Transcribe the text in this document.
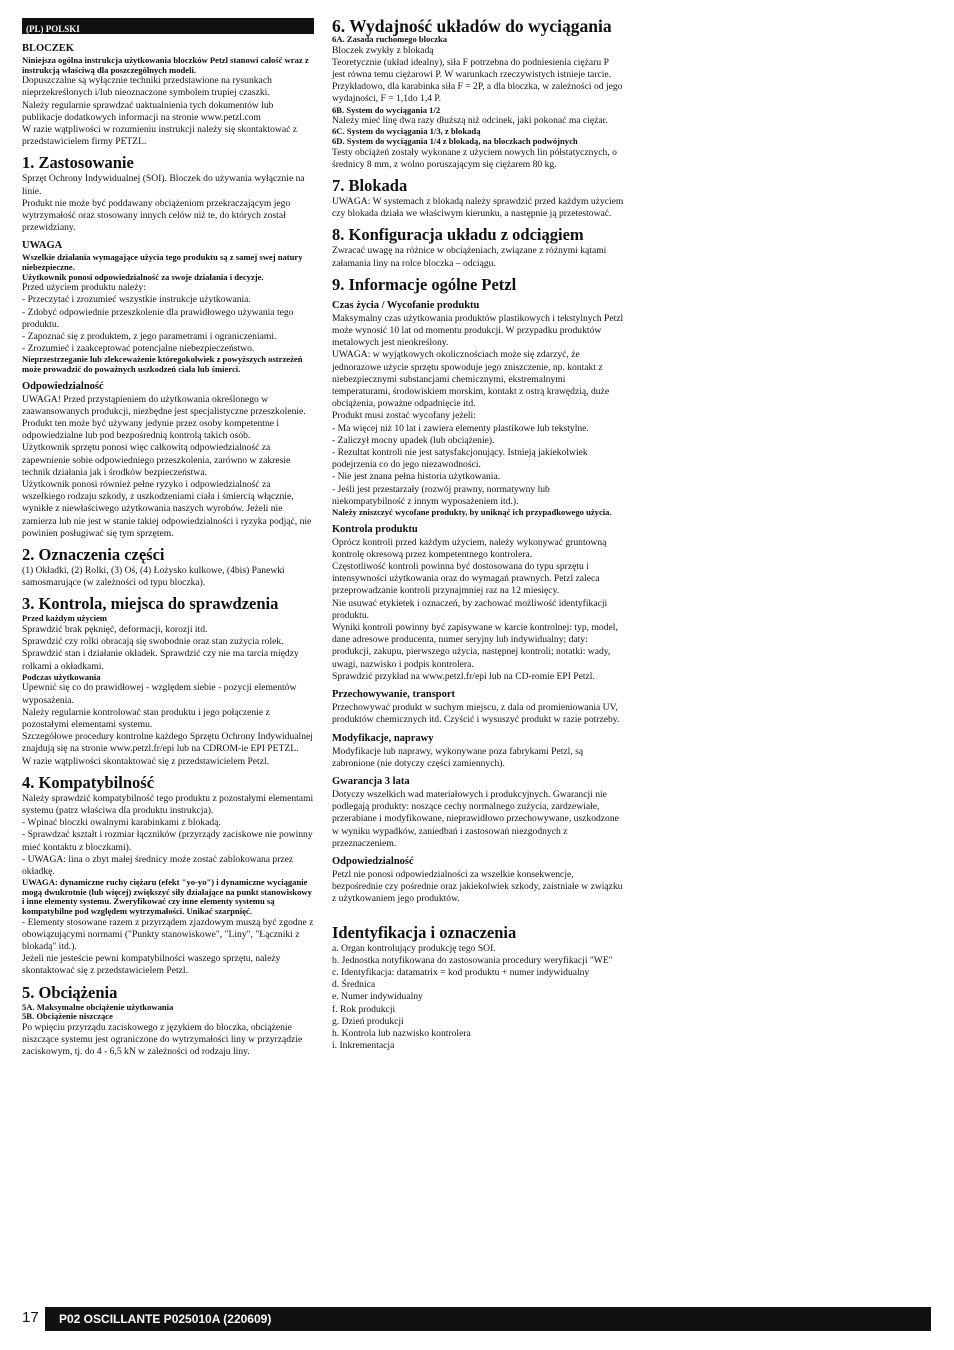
(PL) POLSKI
BLOCZEK
Niniejsza ogólna instrukcja użytkowania bloczków Petzl stanowi całość wraz z instrukcją właściwą dla poszczególnych modeli.
Dopuszczalne są wyłącznie techniki przedstawione na rysunkach nieprzekreślonych i/lub nieoznaczone symbolem trupiej czaszki.
Należy regularnie sprawdzać uaktualnienia tych dokumentów lub publikacje dodatkowych informacji na stronie www.petzl.com
W razie wątpliwości w rozumieniu instrukcji należy się skontaktować z przedstawicielem firmy PETZL.
1. Zastosowanie
Sprzęt Ochrony Indywidualnej (SOI). Bloczek do używania wyłącznie na linie.
Produkt nie może być poddawany obciążeniom przekraczającym jego wytrzymałość oraz stosowany innych celów niż te, do których został przewidziany.
UWAGA
Wszelkie działania wymagające użycia tego produktu są z samej swej natury niebezpieczne.
Użytkownik ponosi odpowiedzialność za swoje działania i decyzje.
Przed użyciem produktu należy:
- Przeczytać i zrozumieć wszystkie instrukcje użytkowania.
- Zdobyć odpowiednie przeszkolenie dla prawidłowego używania tego produktu.
- Zapoznać się z produktem, z jego parametrami i ograniczeniami.
- Zrozumieć i zaakceptować potencjalne niebezpieczeństwo.
Nieprzestrzeganie lub zlekceważenie któregokolwiek z powyższych ostrzeżeń może prowadzić do poważnych uszkodzeń ciała lub śmierci.
Odpowiedzialność
UWAGA! Przed przystąpieniem do użytkowania określonego w zaawansowanych produkcji, niezbędne jest specjalistyczne przeszkolenie.
Produkt ten może być używany jedynie przez osoby kompetentne i odpowiedzialne lub pod bezpośrednią kontrolą takich osób.
Użytkownik sprzętu ponosi więc całkowitą odpowiedzialność za zapewnienie sobie odpowiedniego przeszkolenia, zarówno w zakresie technik działania jak i środków bezpieczeństwa.
Użytkownik ponosi również pełne ryzyko i odpowiedzialność za wszelkiego rodzaju szkody, z uszkodzeniami ciała i śmiercią włącznie, wynikłe z niewłaściwego użytkowania naszych wyrobów. Jeżeli nie zamierza lub nie jest w stanie takiej odpowiedzialności i ryzyka podjąć, nie powinien posługiwać się tym sprzętem.
2. Oznaczenia części
(1) Okładki, (2) Rolki, (3) Oś, (4) Łożysko kulkowe, (4bis) Panewki samosmarujące (w zależności od typu bloczka).
3. Kontrola, miejsca do sprawdzenia
Przed każdym użyciem
Sprawdzić brak pęknięć, deformacji, korozji itd.
Sprawdzić czy rolki obracają się swobodnie oraz stan zużycia rolek.
Sprawdzić stan i działanie okładek. Sprawdzić czy nie ma tarcia między rolkami a okładkami.
Podczas użytkowania
Upewnić się co do prawidłowej - względem siebie - pozycji elementów wyposażenia.
Należy regularnie kontrolować stan produktu i jego połączenie z pozostałymi elementami systemu.
Szczegółowe procedury kontrolne każdego Sprzętu Ochrony Indywidualnej znajdują się na stronie www.petzl.fr/epi lub na CDROM-ie EPI PETZL.
W razie wątpliwości skontaktować się z przedstawicielem Petzl.
4. Kompatybilność
Należy sprawdzić kompatybilność tego produktu z pozostałymi elementami systemu (patrz właściwa dla produktu instrukcja).
- Wpinać bloczki owalnymi karabinkami z blokadą.
- Sprawdzać kształt i rozmiar łączników (przyrządy zaciskowe nie powinny mieć kontaktu z bloczkami).
- UWAGA: lina o zbyt małej średnicy może zostać zablokowana przez okładkę.
UWAGA: dynamiczne ruchy ciężaru (efekt "yo-yo") i dynamiczne wyciąganie mogą dwukrotnie (lub więcej) zwiększyć siły działające na punkt stanowiskowy i inne elementy systemu. Zweryfikować czy inne elementy systemu są kompatybilne pod względem wytrzymałości. Unikać szarpnięć.
- Elementy stosowane razem z przyrządem zjazdowym muszą być zgodne z obowiązującymi normami ("Punkty stanowiskowe", "Liny", "Łączniki z blokadą" itd.).
Jeżeli nie jesteście pewni kompatybilności waszego sprzętu, należy skontaktować się z przedstawicielem Petzl.
5. Obciążenia
5A. Maksymalne obciążenie użytkowania
5B. Obciążenie niszczące
Po wpięciu przyrządu zaciskowego z językiem do bloczka, obciążenie niszczące systemu jest ograniczone do wytrzymałości liny w przyrządzie zaciskowym, tj. do 4 - 6,5 kN w zależności od rodzaju liny.
6. Wydajność układów do wyciągania
6A. Zasada ruchomego bloczka
Bloczek zwykły z blokadą
Teoretycznie (układ idealny), siła F potrzebna do podniesienia ciężaru P jest równa temu ciężarowi P. W warunkach rzeczywistych istnieje tarcie. Przykładowo, dla karabinka siła F = 2P, a dla bloczka, w zależności od jego wydajności, F = 1,1do 1,4 P.
6B. System do wyciągania 1/2
Należy mieć linę dwa razy dłuższą niż odcinek, jaki pokonać ma ciężar.
6C. System do wyciągania 1/3, z blokadą
6D. System do wyciągania 1/4 z blokadą, na bloczkach podwójnych
Testy obciążeń zostały wykonane z użyciem nowych lin półstatycznych, o średnicy 8 mm, z wolno poruszającym się ciężarem 80 kg.
7. Blokada
UWAGA: W systemach z blokadą należy sprawdzić przed każdym użyciem czy blokada działa we właściwym kierunku, a następnie ją przetestować.
8. Konfiguracja układu z odciągiem
Zwracać uwagę na różnice w obciążeniach, związane z różnymi kątami załamania liny na rolce bloczka – odciągu.
9. Informacje ogólne Petzl
Czas życia / Wycofanie produktu
Maksymalny czas użytkowania produktów plastikowych i tekstylnych Petzl może wynosić 10 lat od momentu produkcji. W przypadku produktów metalowych jest nieokreślony.
UWAGA: w wyjątkowych okolicznościach może się zdarzyć, że jednorazowe użycie sprzętu spowoduje jego zniszczenie, np. kontakt z niebezpiecznymi substancjami chemicznymi, ekstremalnymi temperaturami, środowiskiem morskim, kontakt z ostrą krawędzią, duże obciążenia, poważne odpadnięcie itd.
Produkt musi zostać wycofany jeżeli:
- Ma więcej niż 10 lat i zawiera elementy plastikowe lub tekstylne.
- Zaliczył mocny upadek (lub obciążenie).
- Rezultat kontroli nie jest satysfakcjonujący. Istnieją jakiekolwiek podejrzenia co do jego niezawodności.
- Nie jest znana pełna historia użytkowania.
- Jeśli jest przestarzały (rozwój prawny, normatywny lub niekompatybilność z innym wyposażeniem itd.).
Należy zniszczyć wycofane produkty, by uniknąć ich przypadkowego użycia.
Kontrola produktu
Oprócz kontroli przed każdym użyciem, należy wykonywać gruntowną kontrolę okresową przez kompetentnego kontrolera.
Częstotliwość kontroli powinna być dostosowana do typu sprzętu i intensywności użytkowania oraz do wymagań prawnych. Petzl zaleca przeprowadzanie kontroli przynajmniej raz na 12 miesięcy.
Nie usuwać etykietek i oznaczeń, by zachować możliwość identyfikacji produktu.
Wyniki kontroli powinny być zapisywane w karcie kontrolnej: typ, model, dane adresowe producenta, numer seryjny lub indywidualny; daty: produkcji, zakupu, pierwszego użycia, następnej kontroli; notatki: wady, uwagi, nazwisko i podpis kontrolera.
Sprawdzić przykład na www.petzl.fr/epi lub na CD-romie EPI Petzl.
Przechowywanie, transport
Przechowywać produkt w suchym miejscu, z dala od promieniowania UV, produktów chemicznych itd. Czyścić i wysuszyć produkt w razie potrzeby.
Modyfikacje, naprawy
Modyfikacje lub naprawy, wykonywane poza fabrykami Petzl, są zabronione (nie dotyczy części zamiennych).
Gwarancja 3 lata
Dotyczy wszelkich wad materiałowych i produkcyjnych. Gwarancji nie podlegają produkty: noszące cechy normalnego zużycia, zardzewiałe, przerabiane i modyfikowane, nieprawidłowo przechowywane, uszkodzone w wyniku wypadków, zaniedbań i zastosowań niezgodnych z przeznaczeniem.
Odpowiedzialność
Petzl nie ponosi odpowiedzialności za wszelkie konsekwencje, bezpośrednie czy pośrednie oraz jakiekolwiek szkody, zaistniałe w związku z użytkowaniem jego produktów.
Identyfikacja i oznaczenia
a. Organ kontrolujący produkcję tego SOI.
b. Jednostka notyfikowana do zastosowania procedury weryfikacji "WE"
c. Identyfikacja: datamatrix = kod produktu + numer indywidualny
d. Średnica
e. Numer indywidualny
f. Rok produkcji
g. Dzień produkcji
h. Kontrola lub nazwisko kontrolera
i. Inkrementacja
17	P02 OSCILLANTE P025010A (220609)
